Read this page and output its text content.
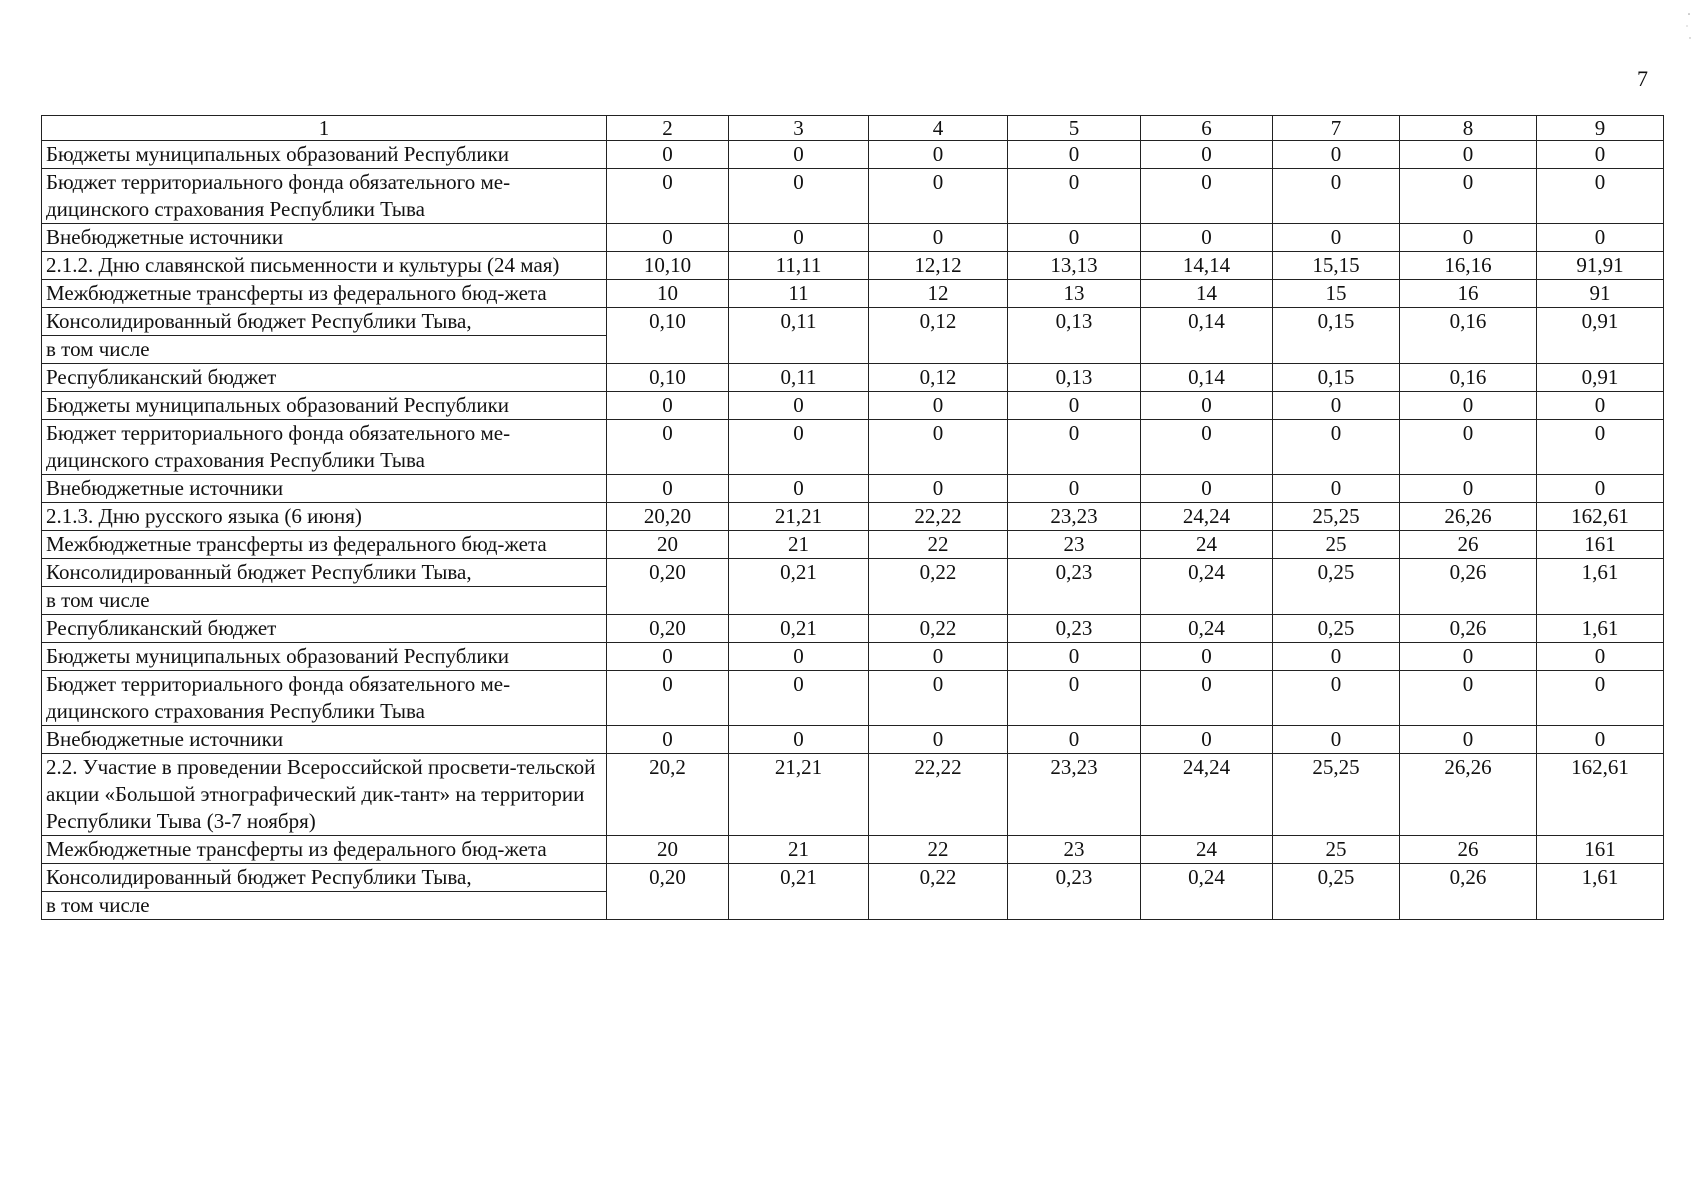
7
1	2	3	4	5	6	7	8	9
Бюджеты муниципальных образований Республики	0	0	0	0	0	0	0	0
Бюджет территориального фонда обязательного ме-дицинского страхования Республики Тыва	0	0	0	0	0	0	0	0
Внебюджетные источники	0	0	0	0	0	0	0	0
2.1.2. Дню славянской письменности и культуры (24 мая)	10,10	11,11	12,12	13,13	14,14	15,15	16,16	91,91
Межбюджетные трансферты из федерального бюд-жета	10	11	12	13	14	15	16	91
Консолидированный бюджет Республики Тыва,	0,10	0,11	0,12	0,13	0,14	0,15	0,16	0,91
в том числе								
Республиканский бюджет	0,10	0,11	0,12	0,13	0,14	0,15	0,16	0,91
Бюджеты муниципальных образований Республики	0	0	0	0	0	0	0	0
Бюджет территориального фонда обязательного ме-дицинского страхования Республики Тыва	0	0	0	0	0	0	0	0
Внебюджетные источники	0	0	0	0	0	0	0	0
2.1.3. Дню русского языка (6 июня)	20,20	21,21	22,22	23,23	24,24	25,25	26,26	162,61
Межбюджетные трансферты из федерального бюд-жета	20	21	22	23	24	25	26	161
Консолидированный бюджет Республики Тыва,	0,20	0,21	0,22	0,23	0,24	0,25	0,26	1,61
в том числе								
Республиканский бюджет	0,20	0,21	0,22	0,23	0,24	0,25	0,26	1,61
Бюджеты муниципальных образований Республики	0	0	0	0	0	0	0	0
Бюджет территориального фонда обязательного ме-дицинского страхования Республики Тыва	0	0	0	0	0	0	0	0
Внебюджетные источники	0	0	0	0	0	0	0	0
2.2. Участие в проведении Всероссийской просвети-тельской акции «Большой этнографический дик-тант» на территории Республики Тыва (3-7 ноября)	20,2	21,21	22,22	23,23	24,24	25,25	26,26	162,61
Межбюджетные трансферты из федерального бюд-жета	20	21	22	23	24	25	26	161
Консолидированный бюджет Республики Тыва,	0,20	0,21	0,22	0,23	0,24	0,25	0,26	1,61
в том числе								
